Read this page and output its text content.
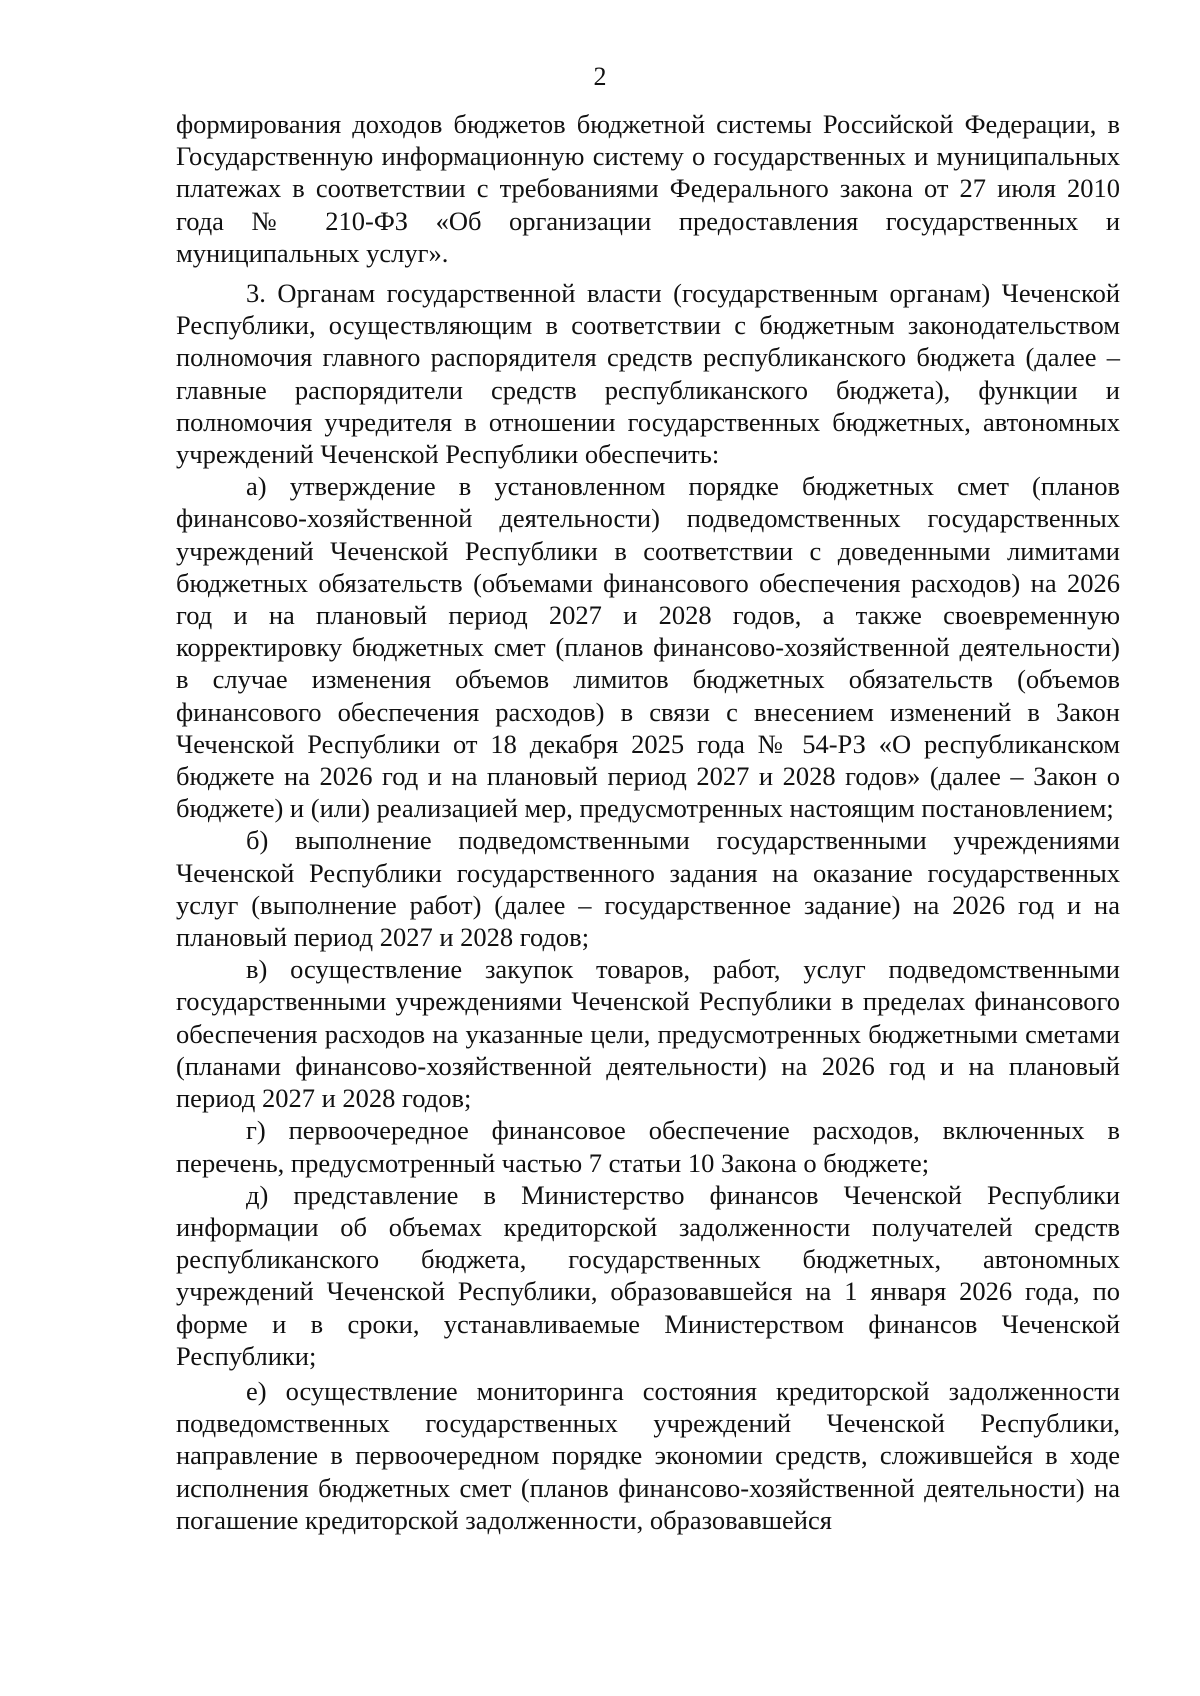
2

формирования доходов бюджетов бюджетной системы Российской Федерации, в Государственную информационную систему о государственных и муниципальных платежах в соответствии с требованиями Федерального закона от 27 июля 2010 года № 210-ФЗ «Об организации предоставления государственных и муниципальных услуг».

3. Органам государственной власти (государственным органам) Чеченской Республики, осуществляющим в соответствии с бюджетным законодательством полномочия главного распорядителя средств республиканского бюджета (далее – главные распорядители средств республиканского бюджета), функции и полномочия учредителя в отношении государственных бюджетных, автономных учреждений Чеченской Республики обеспечить:

а) утверждение в установленном порядке бюджетных смет (планов финансово-хозяйственной деятельности) подведомственных государственных учреждений Чеченской Республики в соответствии с доведенными лимитами бюджетных обязательств (объемами финансового обеспечения расходов) на 2026 год и на плановый период 2027 и 2028 годов, а также своевременную корректировку бюджетных смет (планов финансово-хозяйственной деятельности) в случае изменения объемов лимитов бюджетных обязательств (объемов финансового обеспечения расходов) в связи с внесением изменений в Закон Чеченской Республики от 18 декабря 2025 года № 54-РЗ «О республиканском бюджете на 2026 год и на плановый период 2027 и 2028 годов» (далее – Закон о бюджете) и (или) реализацией мер, предусмотренных настоящим постановлением;

б) выполнение подведомственными государственными учреждениями Чеченской Республики государственного задания на оказание государственных услуг (выполнение работ) (далее – государственное задание) на 2026 год и на плановый период 2027 и 2028 годов;

в) осуществление закупок товаров, работ, услуг подведомственными государственными учреждениями Чеченской Республики в пределах финансового обеспечения расходов на указанные цели, предусмотренных бюджетными сметами (планами финансово-хозяйственной деятельности) на 2026 год и на плановый период 2027 и 2028 годов;

г) первоочередное финансовое обеспечение расходов, включенных в перечень, предусмотренный частью 7 статьи 10 Закона о бюджете;

д) представление в Министерство финансов Чеченской Республики информации об объемах кредиторской задолженности получателей средств республиканского бюджета, государственных бюджетных, автономных учреждений Чеченской Республики, образовавшейся на 1 января 2026 года, по форме и в сроки, устанавливаемые Министерством финансов Чеченской Республики;

е) осуществление мониторинга состояния кредиторской задолженности подведомственных государственных учреждений Чеченской Республики, направление в первоочередном порядке экономии средств, сложившейся в ходе исполнения бюджетных смет (планов финансово-хозяйственной деятельности) на погашение кредиторской задолженности, образовавшейся
